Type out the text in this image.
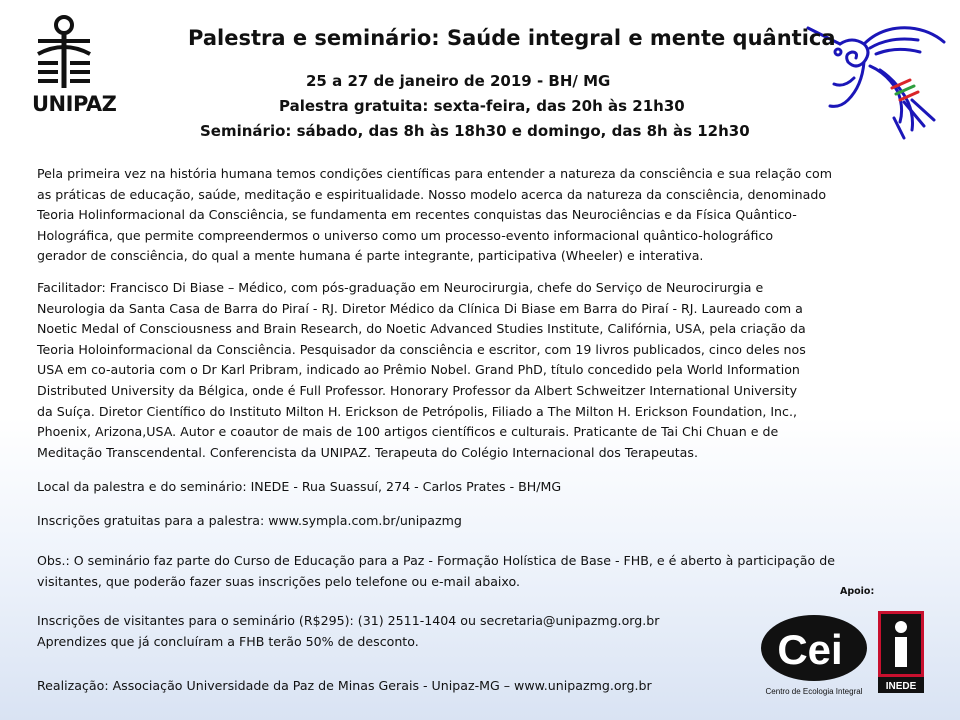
UNIPAZ
Palestra e seminário: Saúde integral e mente quântica
25 a 27 de janeiro de 2019 - BH/ MG
Palestra gratuita: sexta-feira, das 20h às 21h30
Seminário: sábado, das 8h às 18h30 e domingo, das 8h às 12h30
Pela primeira vez na história humana temos condições científicas para entender a natureza da consciência e sua relação com
as práticas de educação, saúde, meditação e espiritualidade. Nosso modelo acerca da natureza da consciência, denominado
Teoria Holinformacional da Consciência, se fundamenta em recentes conquistas das Neurociências e da Física Quântico-
Holográfica, que permite compreendermos o universo como um processo-evento informacional quântico-holográfico
gerador de consciência, do qual a mente humana é parte integrante, participativa (Wheeler) e interativa.
Facilitador: Francisco Di Biase – Médico, com pós-graduação em Neurocirurgia, chefe do Serviço de Neurocirurgia e
Neurologia da Santa Casa de Barra do Piraí - RJ. Diretor Médico da Clínica Di Biase em Barra do Piraí - RJ. Laureado com a
Noetic Medal of Consciousness and Brain Research, do Noetic Advanced Studies Institute, Califórnia, USA, pela criação da
Teoria Holoinformacional da Consciência. Pesquisador da consciência e escritor, com 19 livros publicados, cinco deles nos
USA em co-autoria com o Dr Karl Pribram, indicado ao Prêmio Nobel. Grand PhD, título concedido pela World Information
Distributed University da Bélgica, onde é Full Professor. Honorary Professor da Albert Schweitzer International University
da Suíça. Diretor Científico do Instituto Milton H. Erickson de Petrópolis, Filiado a The Milton H. Erickson Foundation, Inc.,
Phoenix, Arizona,USA. Autor e coautor de mais de 100 artigos científicos e culturais. Praticante de Tai Chi Chuan e de
Meditação Transcendental. Conferencista da UNIPAZ. Terapeuta do Colégio Internacional dos Terapeutas.
Local da palestra e do seminário: INEDE - Rua Suassuí, 274 - Carlos Prates - BH/MG
Inscrições gratuitas para a palestra: www.sympla.com.br/unipazmg
Obs.: O seminário faz parte do Curso de Educação para a Paz - Formação Holística de Base - FHB, e é aberto à participação de
visitantes, que poderão fazer suas inscrições pelo telefone ou e-mail abaixo.
Inscrições de visitantes para o seminário (R$295): (31) 2511-1404 ou secretaria@unipazmg.org.br
Aprendizes que já concluíram a FHB terão 50% de desconto.
Realização: Associação Universidade da Paz de Minas Gerais - Unipaz-MG – www.unipazmg.org.br
Apoio:
Cei
Centro de Ecologia Integral INEDE
